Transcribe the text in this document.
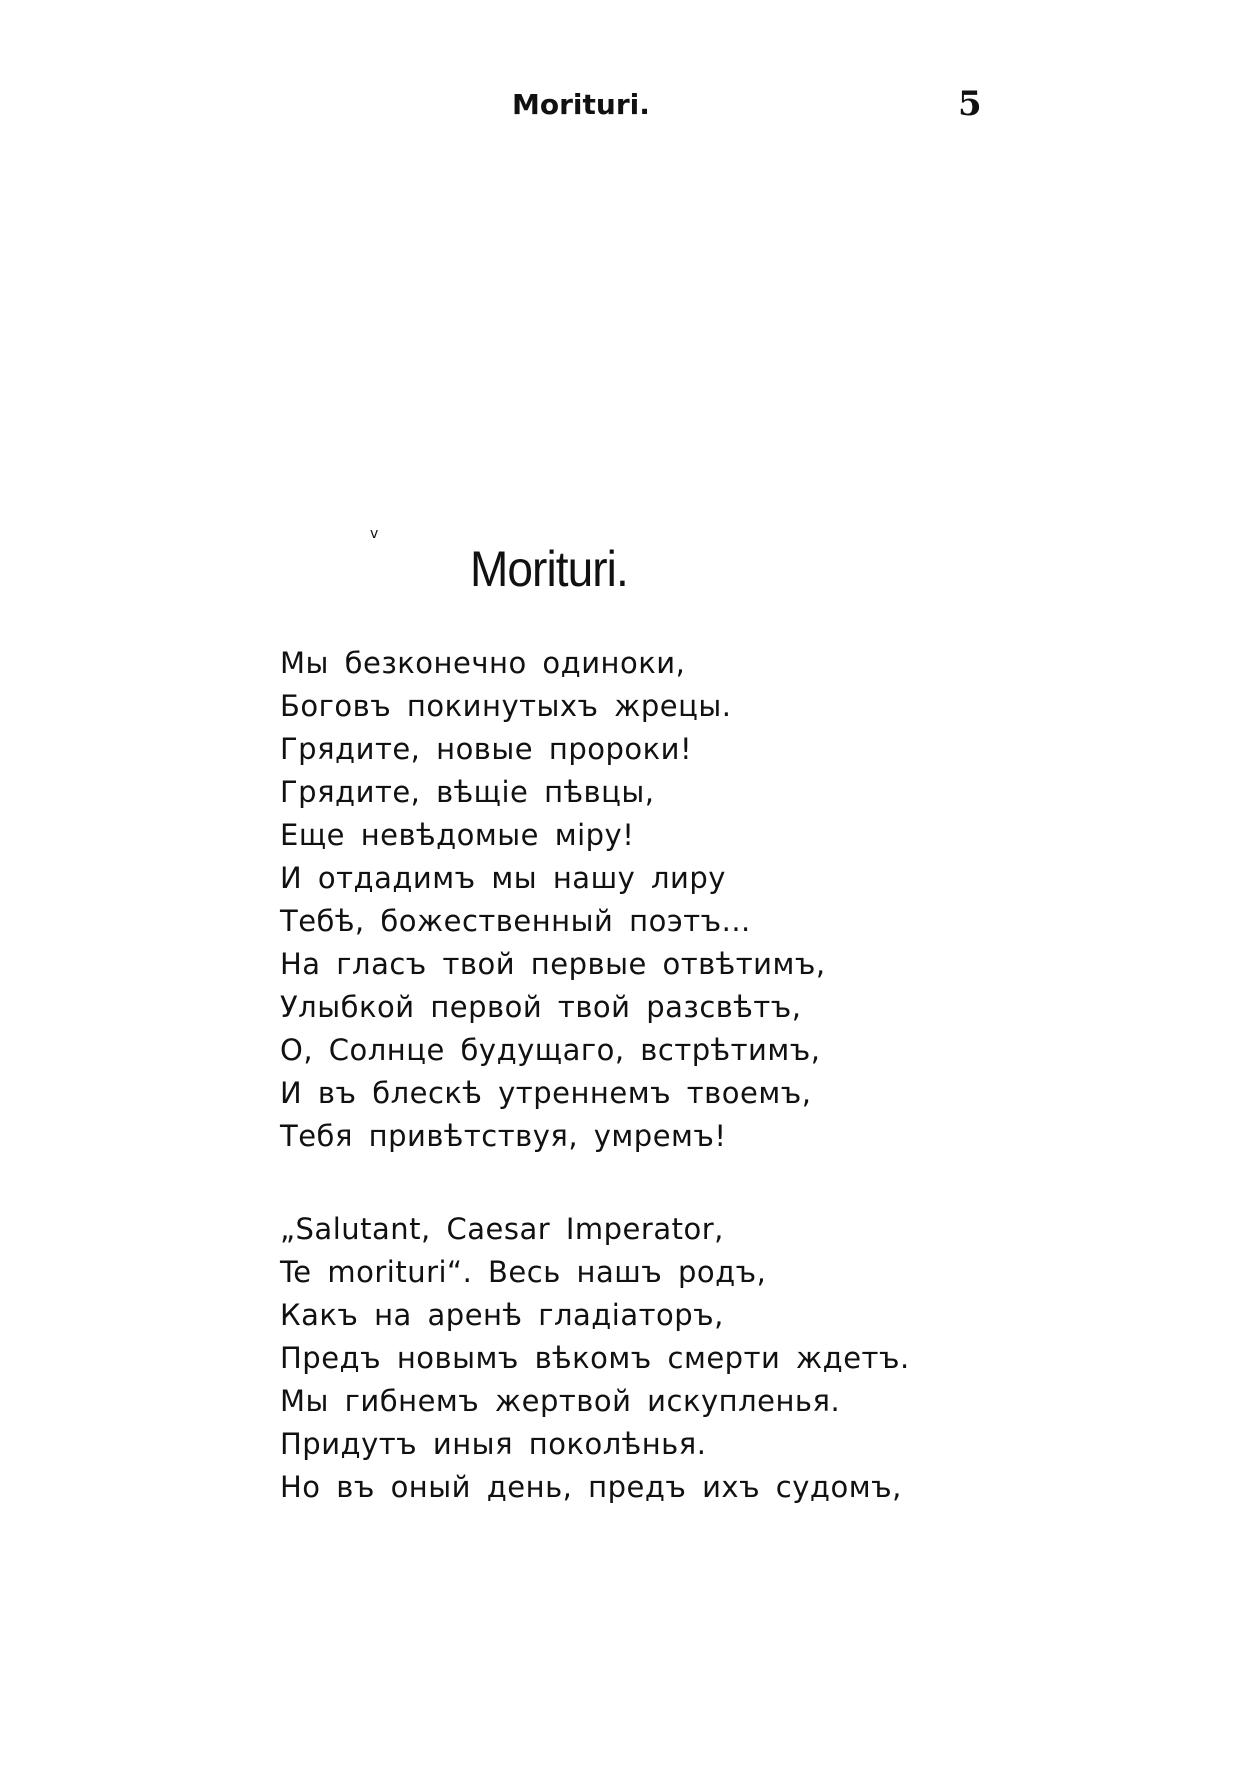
Morituri.	5
v
Morituri.
Мы безконечно одиноки,
Боговъ покинутыхъ жрецы.
Грядите, новые пророки!
Грядите, вѣщіе пѣвцы,
Еще невѣдомые міру!
И отдадимъ мы нашу лиру
Тебѣ, божественный поэтъ...
На гласъ твой первые отвѣтимъ,
Улыбкой первой твой разсвѣтъ,
О, Солнце будущаго, встрѣтимъ,
И въ блескѣ утреннемъ твоемъ,
Тебя привѣтствуя, умремъ!
„Salutant, Caesar Imperator,
Te morituri“. Весь нашъ родъ,
Какъ на аренѣ гладіаторъ,
Предъ новымъ вѣкомъ смерти ждетъ.
Мы гибнемъ жертвой искупленья.
Придутъ иныя поколѣнья.
Но въ оный день, предъ ихъ судомъ,
